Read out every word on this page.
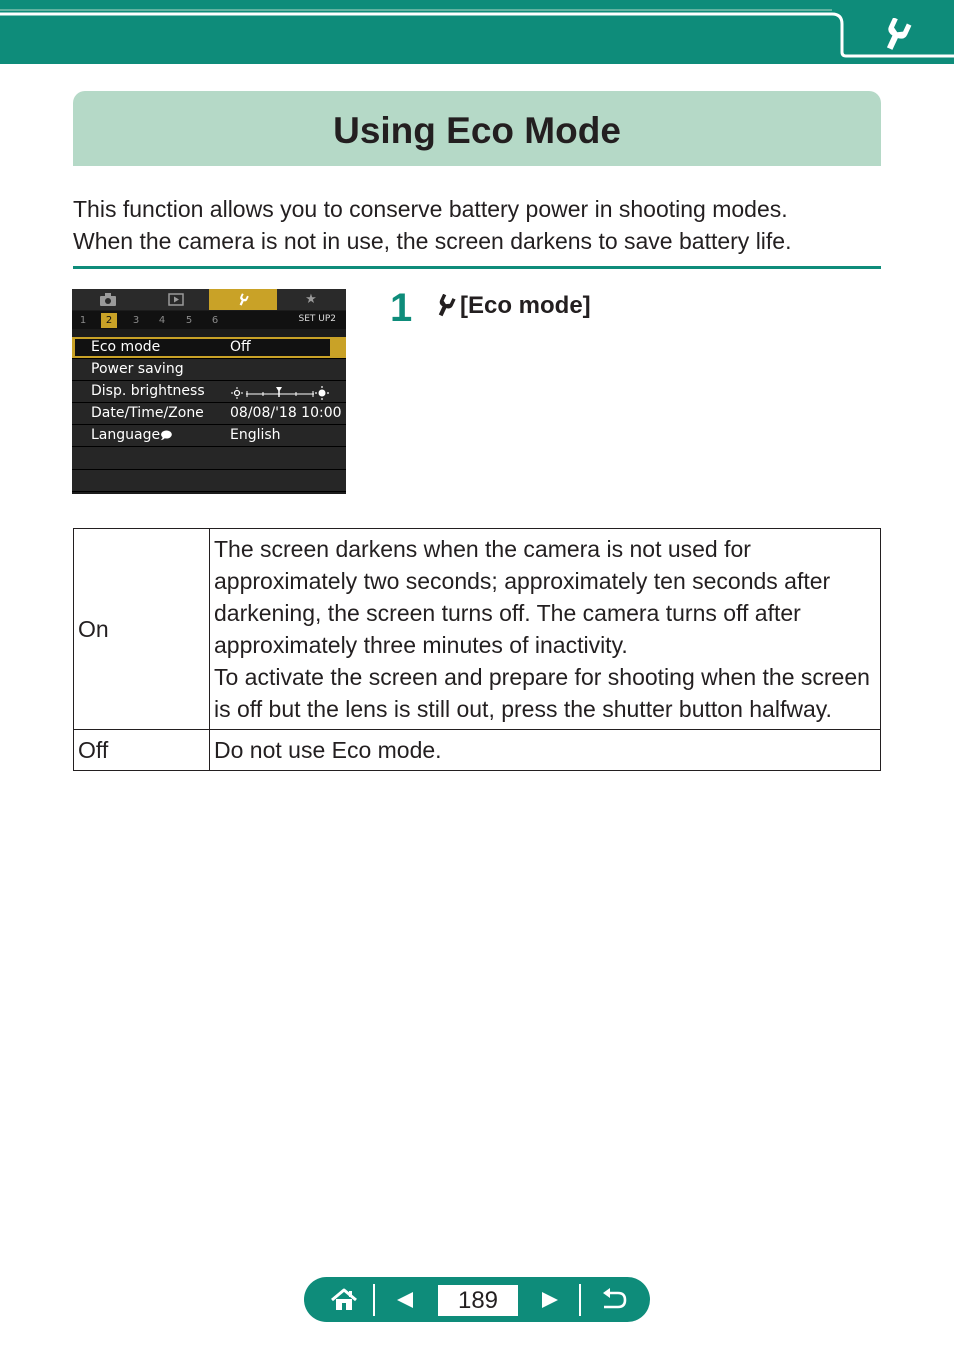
Using Eco Mode

This function allows you to conserve battery power in shooting modes.

When the camera is not in use, the screen darkens to save battery life.

★
1	2	3	4	5	6	SET UP2
Eco mode	Off
Power saving
Disp. brightness
Date/Time/Zone 08/08/'18 10:00
Language🗩	English
1 [Eco mode]
On	The screen darkens when the camera is not used for approximately two seconds; approximately ten seconds after darkening, the screen turns off. The camera turns off after approximately three minutes of inactivity.

To activate the screen and prepare for shooting when the screen is off but the lens is still out, press the shutter button halfway.

Off	Do not use Eco mode.

189
